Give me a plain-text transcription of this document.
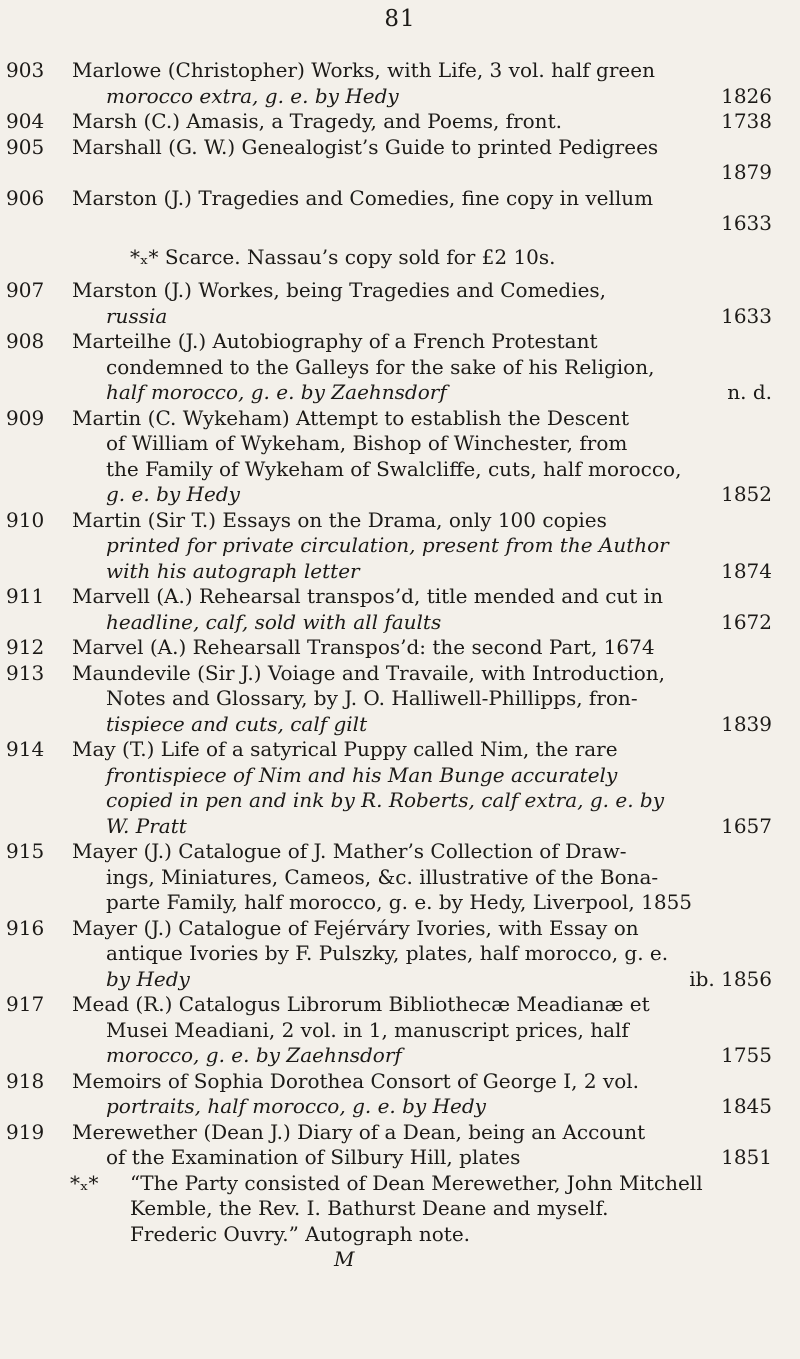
81
903	Marlowe (Christopher) Works, with Life, 3 vol. half green
morocco extra, g. e. by Hedy	1826
904	Marsh (C.) Amasis, a Tragedy, and Poems, front.	1738
905	Marshall (G. W.) Genealogist’s Guide to printed Pedigrees
1879
906	Marston (J.) Tragedies and Comedies, fine copy in vellum
1633
*ₓ* Scarce. Nassau’s copy sold for £2 10s.
907	Marston (J.) Workes, being Tragedies and Comedies,
russia	1633
908	Marteilhe (J.) Autobiography of a French Protestant
condemned to the Galleys for the sake of his Religion,
half morocco, g. e. by Zaehnsdorf	n. d.
909	Martin (C. Wykeham) Attempt to establish the Descent
of William of Wykeham, Bishop of Winchester, from
the Family of Wykeham of Swalcliffe, cuts, half morocco,
g. e. by Hedy	1852
910	Martin (Sir T.) Essays on the Drama, only 100 copies
printed for private circulation, present from the Author
with his autograph letter	1874
911	Marvell (A.) Rehearsal transpos’d, title mended and cut in
headline, calf, sold with all faults	1672
912	Marvel (A.) Rehearsall Transpos’d: the second Part, 1674
913	Maundevile (Sir J.) Voiage and Travaile, with Introduction,
Notes and Glossary, by J. O. Halliwell-Phillipps, fron-
tispiece and cuts, calf gilt	1839
914	May (T.) Life of a satyrical Puppy called Nim, the rare
frontispiece of Nim and his Man Bunge accurately
copied in pen and ink by R. Roberts, calf extra, g. e. by
W. Pratt	1657
915	Mayer (J.) Catalogue of J. Mather’s Collection of Draw-
ings, Miniatures, Cameos, &c. illustrative of the Bona-
parte Family, half morocco, g. e. by Hedy, Liverpool, 1855
916	Mayer (J.) Catalogue of Fejérváry Ivories, with Essay on
antique Ivories by F. Pulszky, plates, half morocco, g. e.
by Hedy	ib. 1856
917	Mead (R.) Catalogus Librorum Bibliothecæ Meadianæ et
Musei Meadiani, 2 vol. in 1, manuscript prices, half
morocco, g. e. by Zaehnsdorf	1755
918	Memoirs of Sophia Dorothea Consort of George I, 2 vol.
portraits, half morocco, g. e. by Hedy	1845
919	Merewether (Dean J.) Diary of a Dean, being an Account
of the Examination of Silbury Hill, plates	1851
*ₓ* “The Party consisted of Dean Merewether, John Mitchell
Kemble, the Rev. I. Bathurst Deane and myself.
Frederic Ouvry.” Autograph note.
M
